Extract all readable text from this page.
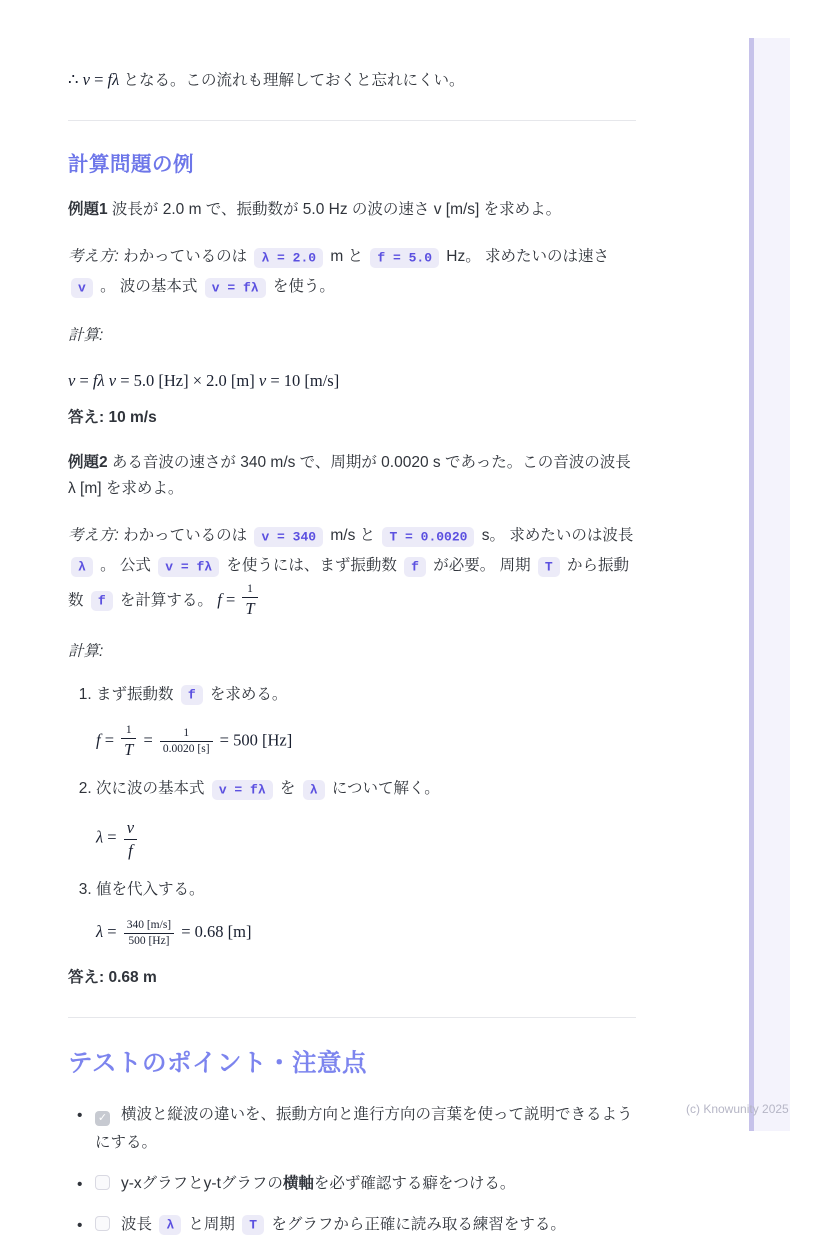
∴ v = fλ となる。この流れも理解しておくと忘れにくい。

計算問題の例

例題1 波長が 2.0 m で、振動数が 5.0 Hz の波の速さ v [m/s] を求めよ。

考え方: わかっているのは λ = 2.0 m と f = 5.0 Hz。 求めたいのは速さ v 。 波の基本式 v = fλ を使う。

計算:

v = fλ v = 5.0 [Hz] × 2.0 [m] v = 10 [m/s]

答え: 10 m/s

例題2 ある音波の速さが 340 m/s で、周期が 0.0020 s であった。この音波の波長 λ [m] を求めよ。

考え方: わかっているのは v = 340 m/s と T = 0.0020 s。 求めたいのは波長 λ 。 公式 v = fλ を使うには、まず振動数 f が必要。 周期 T から振動数 f を計算する。 $f = \frac{1}{T}$

計算:

1. まず振動数 f を求める。
$f = \frac{1}{T} = \frac{1}{0.0020 [s]} = 500$ [Hz]
2. 次に波の基本式 v = fλ を λ について解く。
$\lambda = \frac{v}{f}$
3. 値を代入する。
$\lambda = \frac{340 [m/s]}{500 [Hz]} = 0.68$ [m]

答え: 0.68 m

テストのポイント・注意点
• ✓ 横波と縦波の違いを、振動方向と進行方向の言葉を使って説明できるようにする。
• y-xグラフとy-tグラフの横軸を必ず確認する癖をつける。
• 波長 λ と周期 T をグラフから正確に読み取る練習をする。
(c) Knowunity 2025
